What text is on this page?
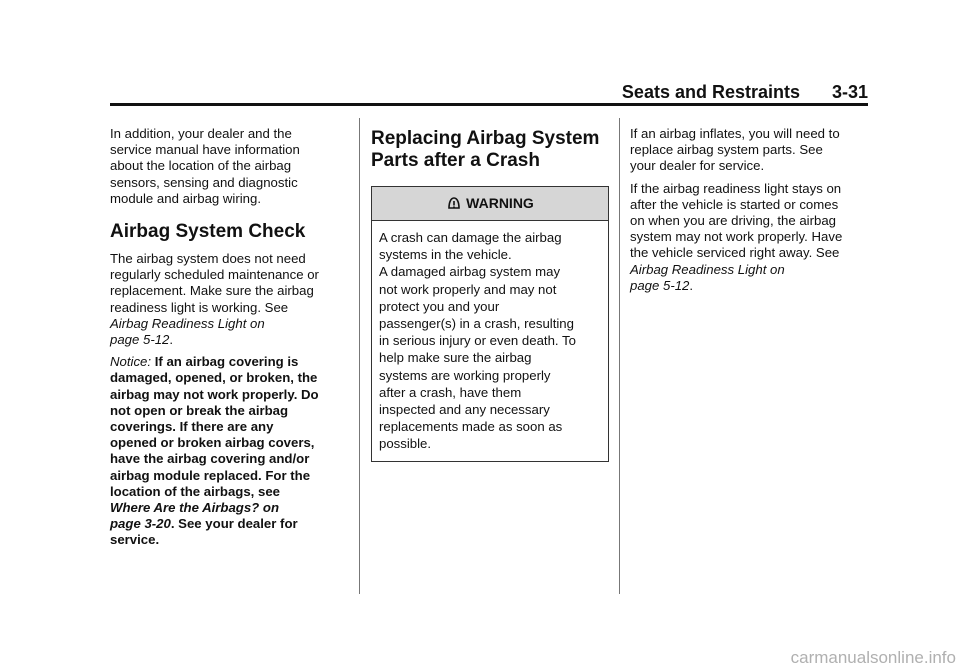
Seats and Restraints 3-31

In addition, your dealer and the
service manual have information
about the location of the airbag
sensors, sensing and diagnostic
module and airbag wiring.

Airbag System Check

The airbag system does not need
regularly scheduled maintenance or
replacement. Make sure the airbag
readiness light is working. See
Airbag Readiness Light on
page 5-12.

Notice: If an airbag covering is
damaged, opened, or broken, the
airbag may not work properly. Do
not open or break the airbag
coverings. If there are any
opened or broken airbag covers,
have the airbag covering and/or
airbag module replaced. For the
location of the airbags, see
Where Are the Airbags? on
page 3-20. See your dealer for
service.

Replacing Airbag System
Parts after a Crash
WARNING
A crash can damage the airbag
systems in the vehicle.
A damaged airbag system may
not work properly and may not
protect you and your
passenger(s) in a crash, resulting
in serious injury or even death. To
help make sure the airbag
systems are working properly
after a crash, have them
inspected and any necessary
replacements made as soon as
possible.

If an airbag inflates, you will need to
replace airbag system parts. See
your dealer for service.

If the airbag readiness light stays on
after the vehicle is started or comes
on when you are driving, the airbag
system may not work properly. Have
the vehicle serviced right away. See
Airbag Readiness Light on
page 5-12.

carmanualsonline.info
